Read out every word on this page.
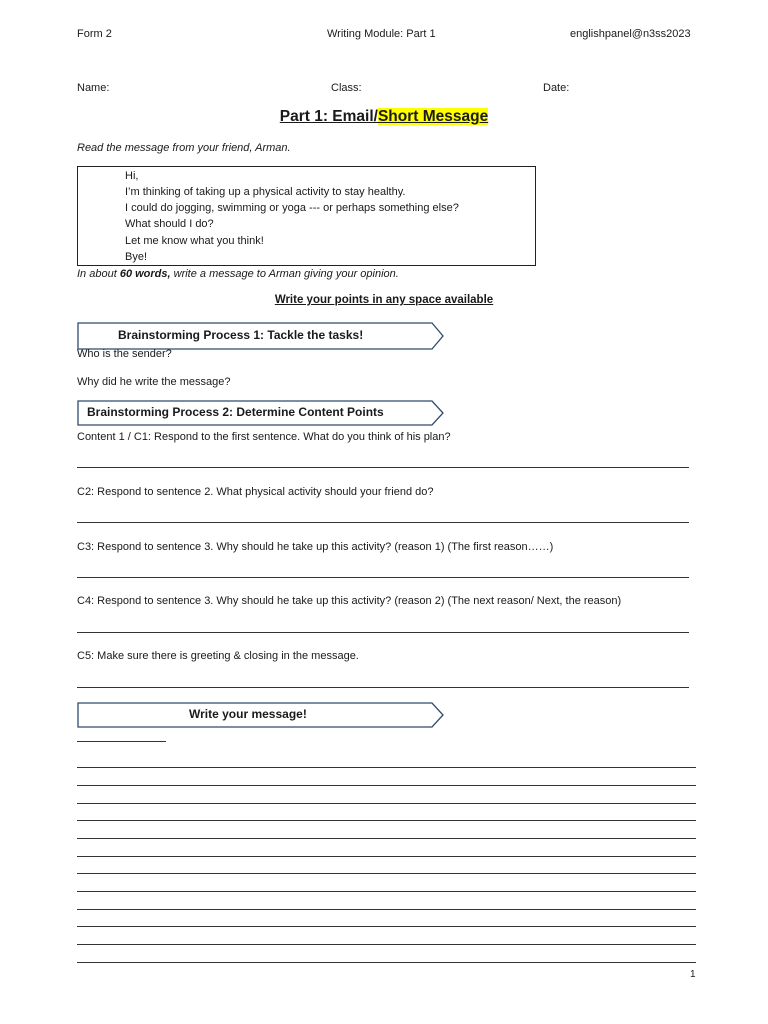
Form 2	Writing Module: Part 1	englishpanel@n3ss2023
Name:	Class:	Date:
Part 1: Email/Short Message
Read the message from your friend, Arman.
Hi,
I’m thinking of taking up a physical activity to stay healthy.
I could do jogging, swimming or yoga --- or perhaps something else?
What should I do?
Let me know what you think!
Bye!
In about 60 words, write a message to Arman giving your opinion.
Write your points in any space available
Brainstorming Process 1: Tackle the tasks!
Who is the sender?
Why did he write the message?
Brainstorming Process 2: Determine Content Points
Content 1 / C1: Respond to the first sentence. What do you think of his plan?
C2: Respond to sentence 2. What physical activity should your friend do?
C3: Respond to sentence 3. Why should he take up this activity? (reason 1) (The first reason……)
C4: Respond to sentence 3. Why should he take up this activity? (reason 2) (The next reason/ Next, the reason)
C5: Make sure there is greeting & closing in the message.
Write your message!
1
